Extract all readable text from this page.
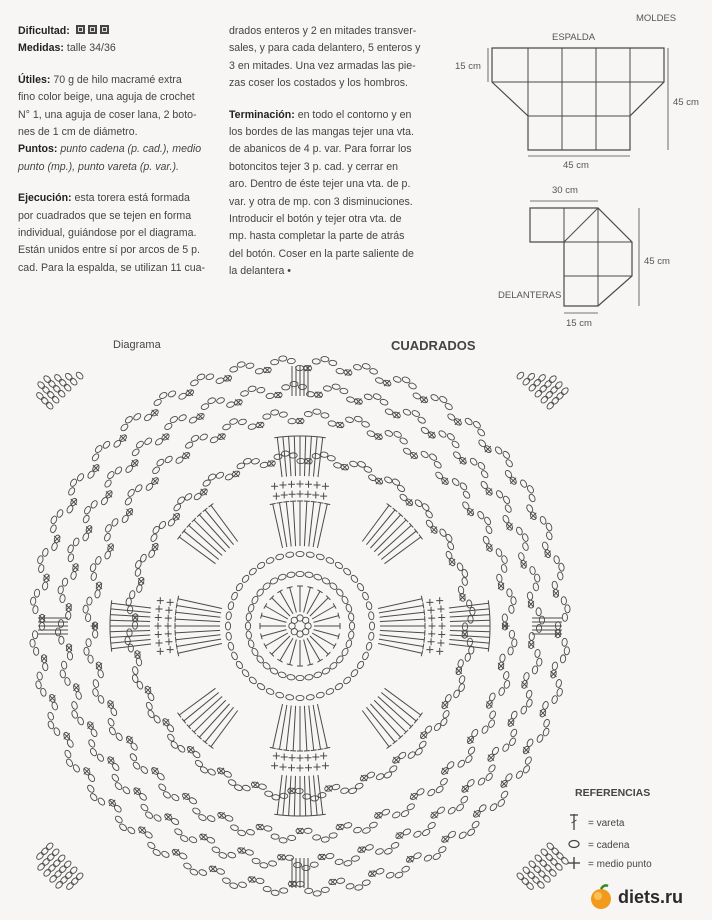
Dificultad:

Medidas: talle 34/36

Útiles: 70 g de hilo macramé extra

fino color beige, una aguja de crochet

N° 1, una aguja de coser lana, 2 boto-

nes de 1 cm de diámetro.

Puntos: punto cadena (p. cad.), medio

punto (mp.), punto vareta (p. var.).

Ejecución: esta torera está formada

por cuadrados que se tejen en forma

individual, guiándose por el diagrama.

Están unidos entre sí por arcos de 5 p.

cad. Para la espalda, se utilizan 11 cua-

drados enteros y 2 en mitades transver-

sales, y para cada delantero, 5 enteros y

3 en mitades. Una vez armadas las pie-

zas coser los costados y los hombros.

Terminación: en todo el contorno y en

los bordes de las mangas tejer una vta.

de abanicos de 4 p. var. Para forrar los

botoncitos tejer 3 p. cad. y cerrar en

aro. Dentro de éste tejer una vta. de p.

var. y otra de mp. con 3 disminuciones.

Introducir el botón y tejer otra vta. de

mp. hasta completar la parte de atrás

del botón. Coser en la parte saliente de

la delantera •

MOLDES
ESPALDA
15 cm
45 cm
45 cm
30 cm
45 cm
DELANTERAS
15 cm
Diagrama	CUADRADOS
REFERENCIAS
= vareta
= cadena
= medio punto
diets.ru
